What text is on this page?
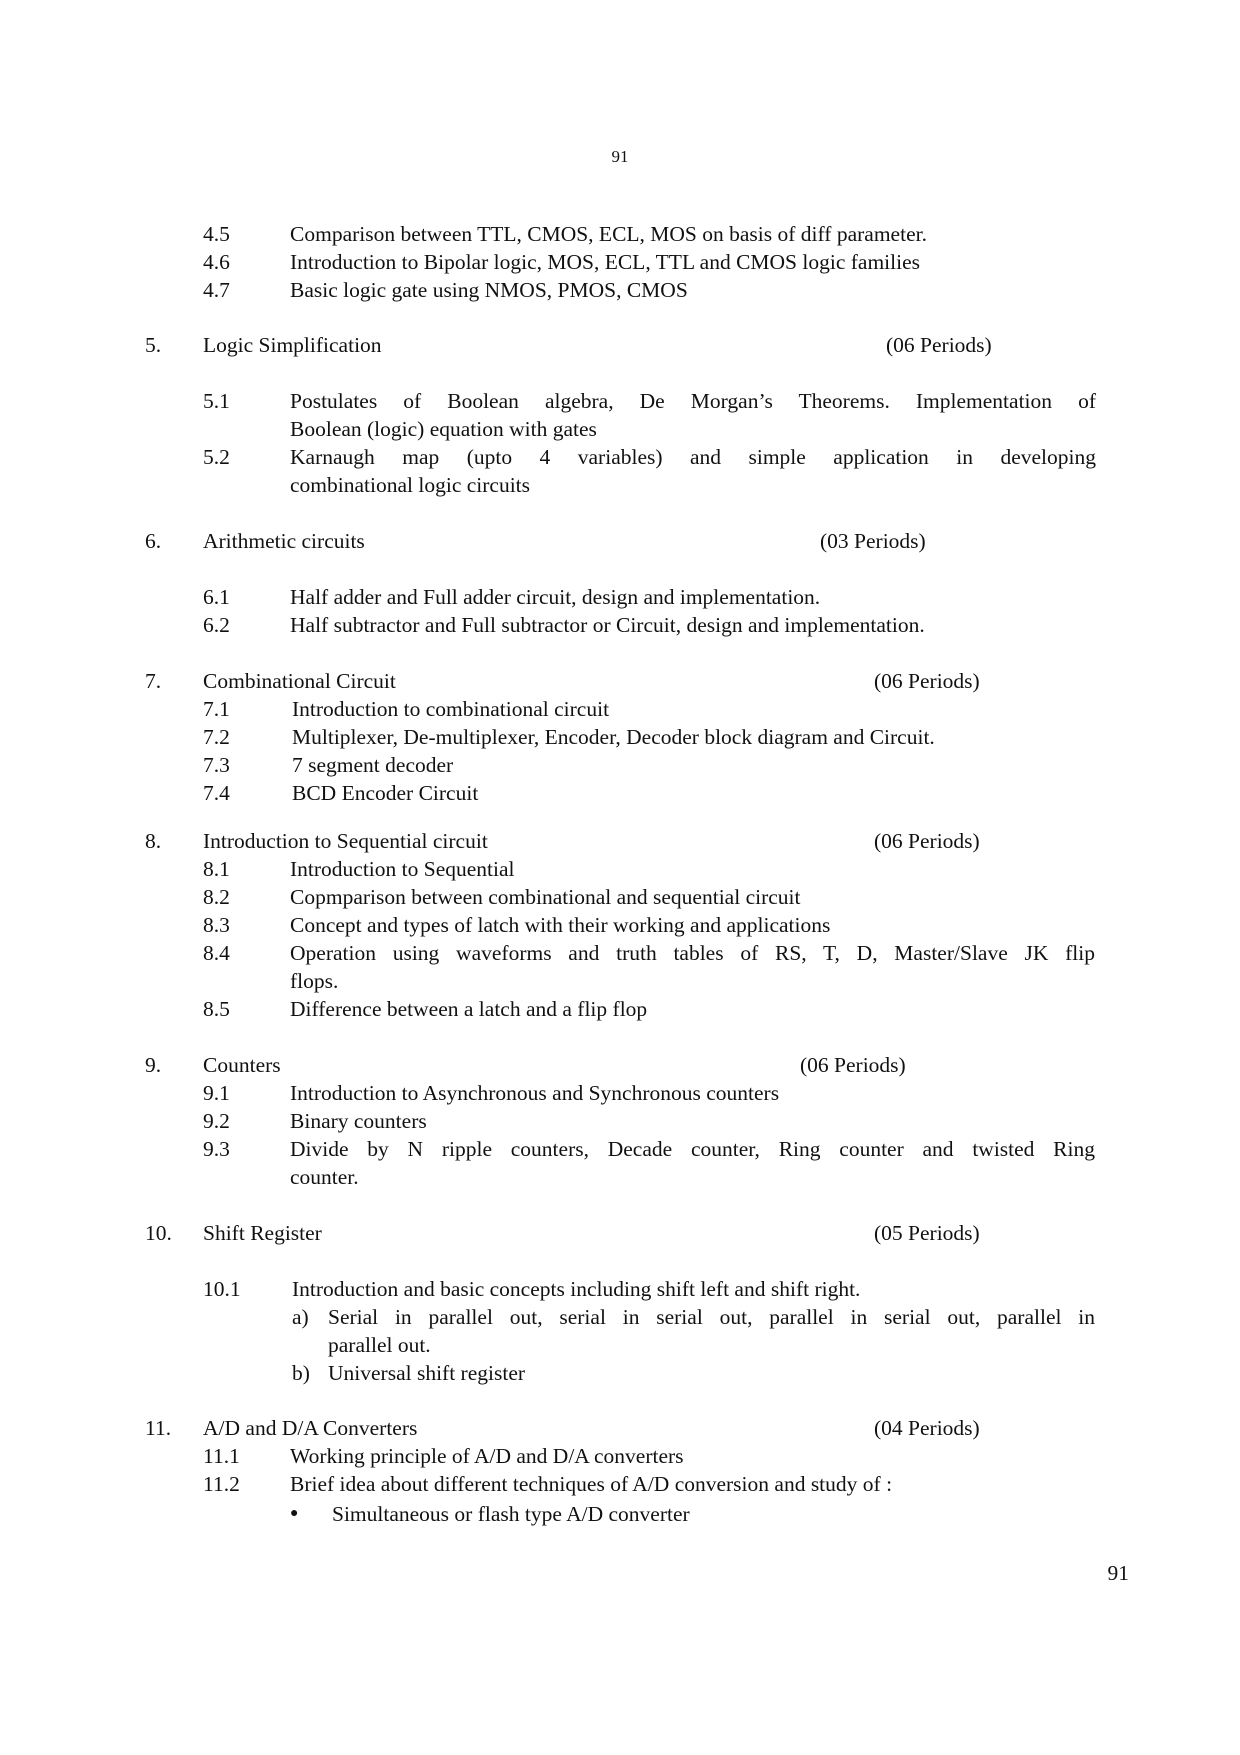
91
4.5	Comparison between TTL, CMOS, ECL, MOS on basis of diff parameter.
4.6	Introduction to Bipolar logic, MOS, ECL, TTL and CMOS logic families
4.7	Basic logic gate using NMOS, PMOS, CMOS
5. Logic Simplification	(06 Periods)
5.1	Postulates of Boolean algebra, De Morgan’s Theorems. Implementation of
Boolean (logic) equation with gates
5.2	Karnaugh map (upto 4 variables) and simple application in developing
combinational logic circuits
6. Arithmetic circuits	(03 Periods)
6.1	Half adder and Full adder circuit, design and implementation.
6.2	Half subtractor and Full subtractor or Circuit, design and implementation.
7. Combinational Circuit	(06 Periods)
7.1	Introduction to combinational circuit
7.2	Multiplexer, De-multiplexer, Encoder, Decoder block diagram and Circuit.
7.3	7 segment decoder
7.4	BCD Encoder Circuit
8. Introduction to Sequential circuit	(06 Periods)
8.1	Introduction to Sequential
8.2	Copmparison between combinational and sequential circuit
8.3	Concept and types of latch with their working and applications
8.4	Operation using waveforms and truth tables of RS, T, D, Master/Slave JK flip
flops.
8.5	Difference between a latch and a flip flop
9. Counters	(06 Periods)
9.1	Introduction to Asynchronous and Synchronous counters
9.2	Binary counters
9.3	Divide by N ripple counters, Decade counter, Ring counter and twisted Ring
counter.
10. Shift Register	(05 Periods)
10.1 Introduction and basic concepts including shift left and shift right.
a) Serial in parallel out, serial in serial out, parallel in serial out, parallel in
parallel out.
b) Universal shift register
11. A/D and D/A Converters	(04 Periods)
11.1 Working principle of A/D and D/A converters
11.2 Brief idea about different techniques of A/D conversion and study of :
● Simultaneous or flash type A/D converter
91
